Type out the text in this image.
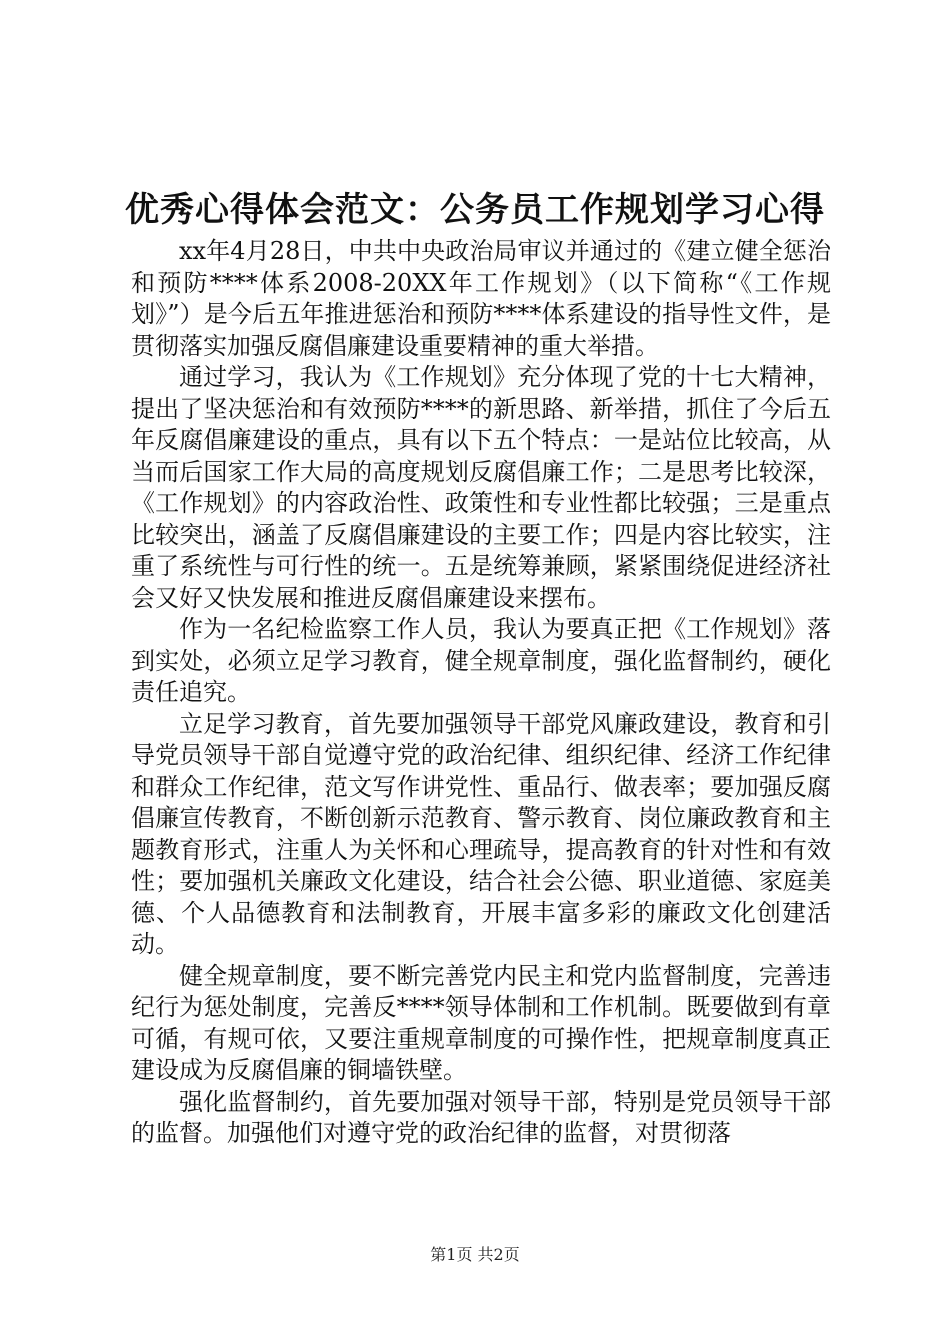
优秀心得体会范文：公务员工作规划学习心得

xx年4月28日，中共中央政治局审议并通过的《建立健全惩治和预防****体系2008-20XX年工作规划》（以下简称“《工作规划》”）是今后五年推进惩治和预防****体系建设的指导性文件，是贯彻落实加强反腐倡廉建设重要精神的重大举措。

通过学习，我认为《工作规划》充分体现了党的十七大精神，提出了坚决惩治和有效预防****的新思路、新举措，抓住了今后五年反腐倡廉建设的重点，具有以下五个特点：一是站位比较高，从当而后国家工作大局的高度规划反腐倡廉工作；二是思考比较深，《工作规划》的内容政治性、政策性和专业性都比较强；三是重点比较突出，涵盖了反腐倡廉建设的主要工作；四是内容比较实，注重了系统性与可行性的统一。五是统筹兼顾，紧紧围绕促进经济社会又好又快发展和推进反腐倡廉建设来摆布。

作为一名纪检监察工作人员，我认为要真正把《工作规划》落到实处，必须立足学习教育，健全规章制度，强化监督制约，硬化责任追究。

立足学习教育，首先要加强领导干部党风廉政建设，教育和引导党员领导干部自觉遵守党的政治纪律、组织纪律、经济工作纪律和群众工作纪律，范文写作讲党性、重品行、做表率；要加强反腐倡廉宣传教育，不断创新示范教育、警示教育、岗位廉政教育和主题教育形式，注重人为关怀和心理疏导，提高教育的针对性和有效性；要加强机关廉政文化建设，结合社会公德、职业道德、家庭美德、个人品德教育和法制教育，开展丰富多彩的廉政文化创建活动。

健全规章制度，要不断完善党内民主和党内监督制度，完善违纪行为惩处制度，完善反****领导体制和工作机制。既要做到有章可循，有规可依，又要注重规章制度的可操作性，把规章制度真正建设成为反腐倡廉的铜墙铁壁。

强化监督制约，首先要加强对领导干部，特别是党员领导干部的监督。加强他们对遵守党的政治纪律的监督，对贯彻落

第1页 共2页
